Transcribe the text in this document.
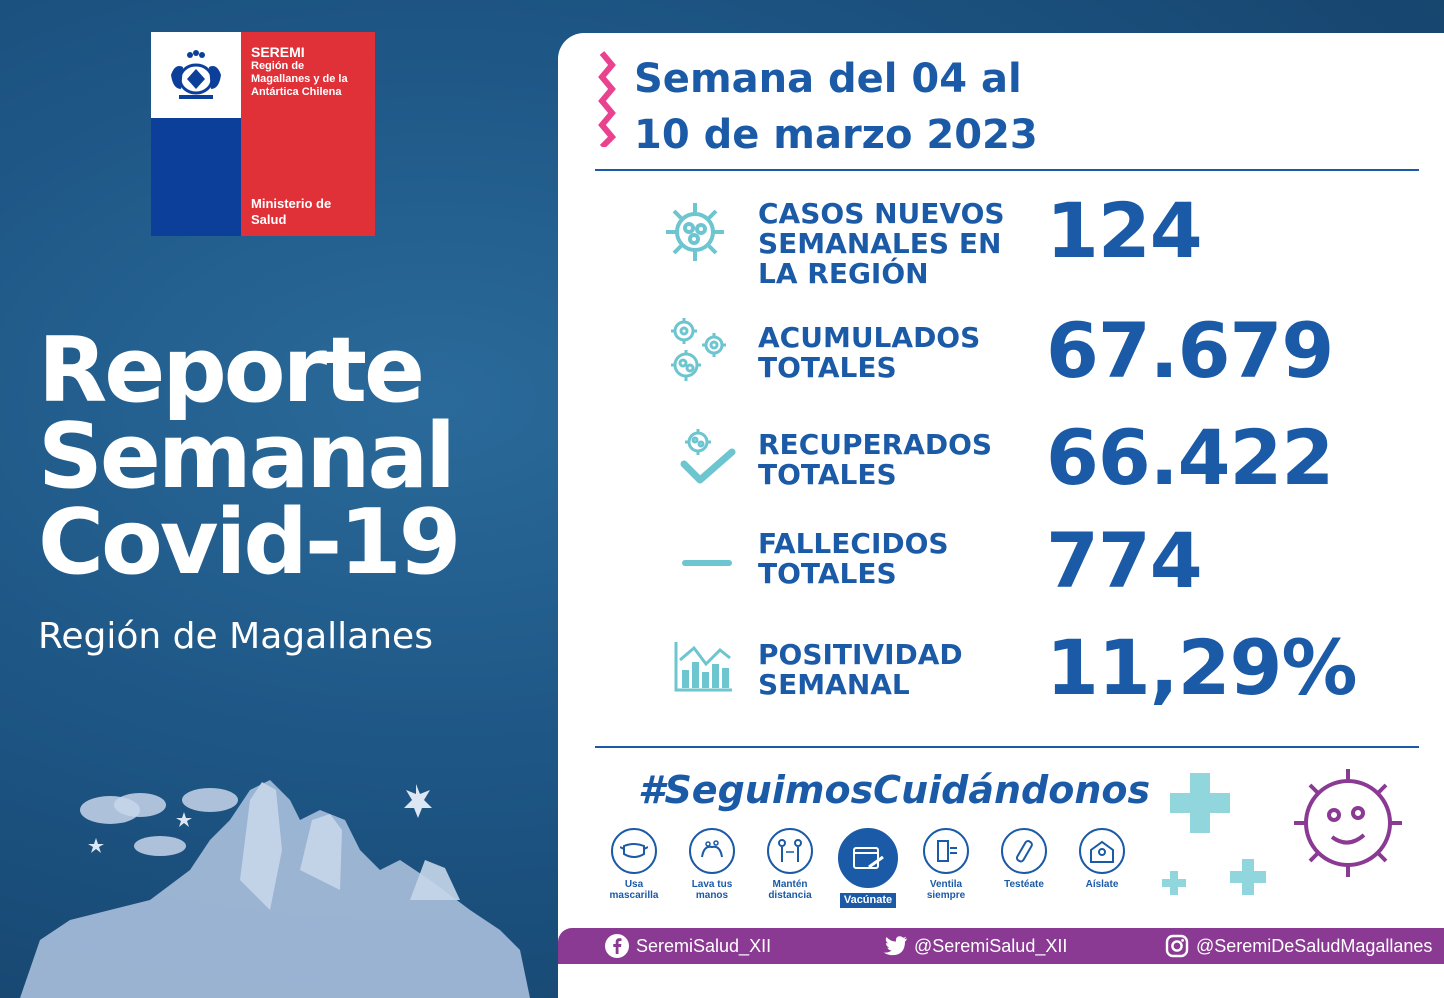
SEREMI
Región de Magallanes y de la Antártica Chilena
Ministerio de Salud
Reporte
Semanal
Covid-19
Región de Magallanes
Semana del 04 al
10 de marzo 2023
CASOS NUEVOS SEMANALES EN LA REGIÓN	124
ACUMULADOS TOTALES	67.679
RECUPERADOS TOTALES	66.422
FALLECIDOS TOTALES	774
POSITIVIDAD SEMANAL	11,29%
#SeguimosCuidándonos
Usa mascarilla
Lava tus manos
Mantén distancia	Vacúnate
Ventila siempre
Testéate	Aíslate
SeremiSalud_XII	@SeremiSalud_XII	@SeremiDeSaludMagallanes
